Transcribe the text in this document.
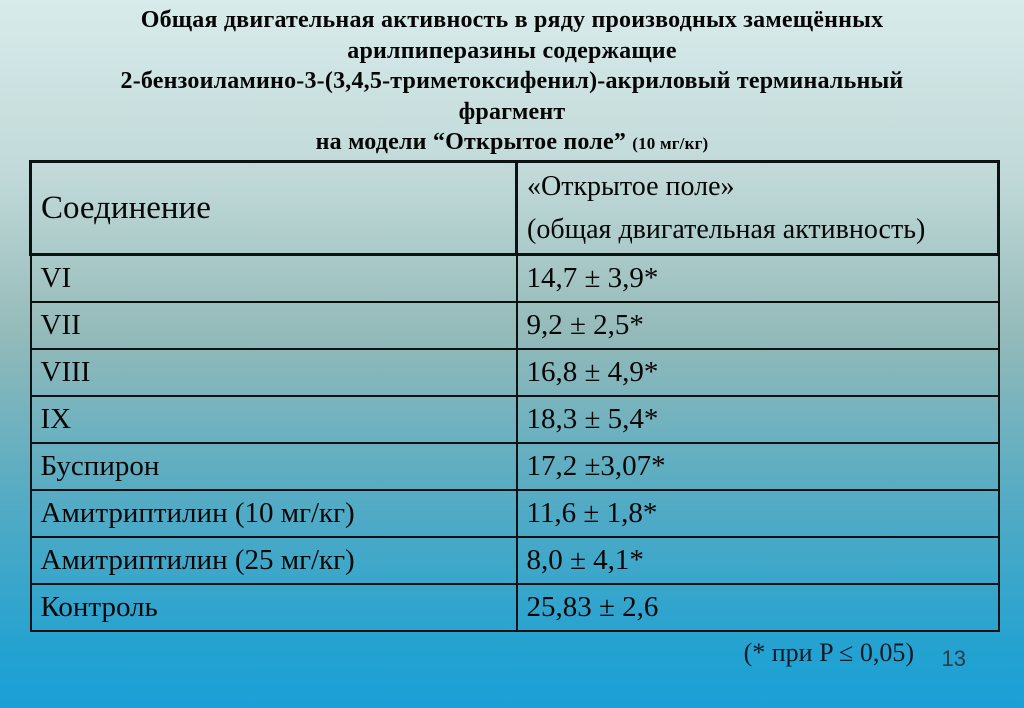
Общая двигательная активность в ряду производных замещённых
арилпиперазины содержащие
2-бензоиламино-3-(3,4,5-триметоксифенил)-акриловый терминальный
фрагмент
на модели “Открытое поле” (10 мг/кг)
Соединение	«Открытое поле»
(общая двигательная активность)

VI	14,7 ± 3,9*
VII	9,2 ± 2,5*
VIII	16,8 ± 4,9*
IX	18,3 ± 5,4*
Буспирон	17,2 ±3,07*
Амитриптилин (10 мг/кг)	11,6 ± 1,8*
Амитриптилин (25 мг/кг)	8,0 ± 4,1*
Контроль	25,83 ± 2,6
(* при P ≤ 0,05) 13
